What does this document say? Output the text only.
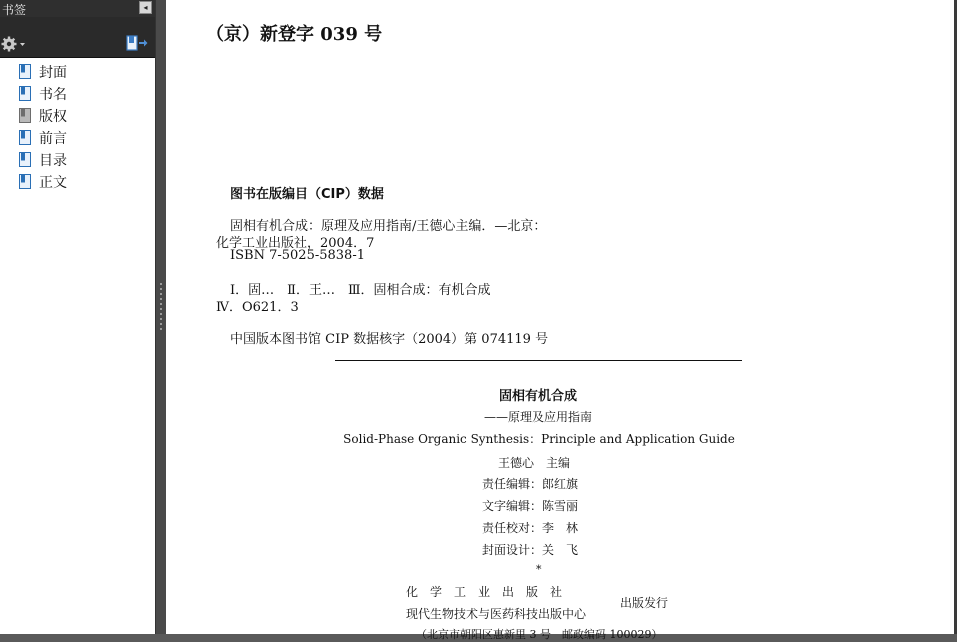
书签	◂
封面
书名
版权
前言
目录
正文
（京）新登字 039 号
图书在版编目（CIP）数据
固相有机合成：原理及应用指南/王德心主编．—北京：
化学工业出版社，2004．7
ISBN 7-5025-5838-1
Ⅰ．固…　Ⅱ．王…　Ⅲ．固相合成：有机合成
Ⅳ．O621．3
中国版本图书馆 CIP 数据核字（2004）第 074119 号
固相有机合成
——原理及应用指南
Solid-Phase Organic Synthesis：Principle and Application Guide
王德心　主编
责任编辑：郎红旗
文字编辑：陈雪丽
责任校对：李　林
封面设计：关　飞
*
化　学　工　业　出　版　社
现代生物技术与医药科技出版中心
出版发行
（北京市朝阳区惠新里 3 号　邮政编码 100029）
